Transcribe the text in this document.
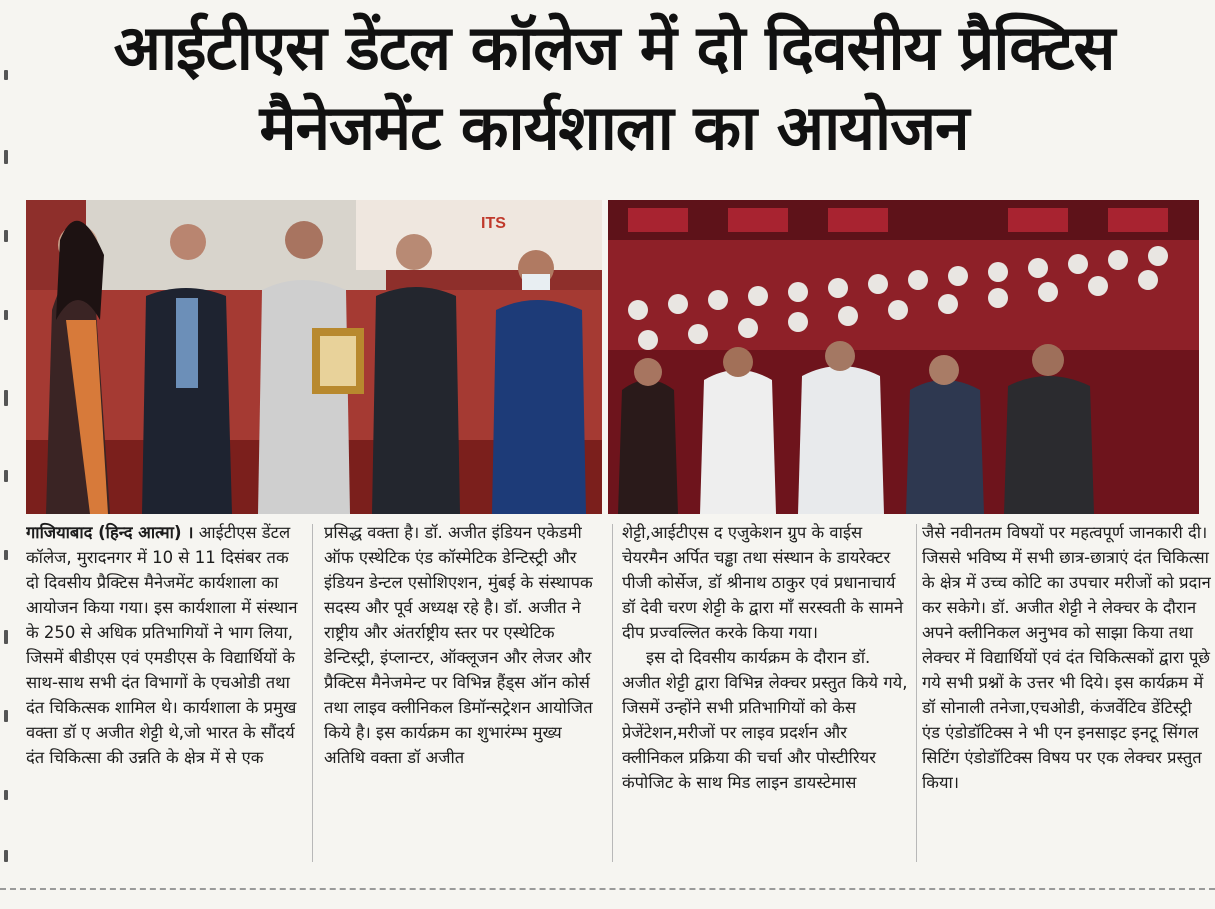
आईटीएस डेंटल कॉलेज में दो दिवसीय प्रैक्टिस
मैनेजमेंट कार्यशाला का आयोजन
ITS

गाजियाबाद (हिन्द आत्मा) । आईटीएस डेंटल कॉलेज, मुरादनगर में 10 से 11 दिसंबर तक दो दिवसीय प्रैक्टिस मैनेजमेंट कार्यशाला का आयोजन किया गया। इस कार्यशाला में संस्थान के 250 से अधिक प्रतिभागियों ने भाग लिया, जिसमें बीडीएस एवं एमडीएस के विद्यार्थियों के साथ-साथ सभी दंत विभागों के एचओडी तथा दंत चिकित्सक शामिल थे। कार्यशाला के प्रमुख वक्ता डॉ ए अजीत शेट्टी थे,जो भारत के सौंदर्य दंत चिकित्सा की उन्नति के क्षेत्र में से एक

प्रसिद्ध वक्ता है। डॉ. अजीत इंडियन एकेडमी ऑफ एस्थेटिक एंड कॉस्मेटिक डेन्टिस्ट्री और इंडियन डेन्टल एसोशिएशन, मुंबई के संस्थापक सदस्य और पूर्व अध्यक्ष रहे है। डॉ. अजीत ने राष्ट्रीय और अंतर्राष्ट्रीय स्तर पर एस्थेटिक डेन्टिस्ट्री, इंप्लान्टर, ऑक्लूजन और लेजर और प्रैक्टिस मैनेजमेन्ट पर विभिन्न हैंड्स ऑन कोर्स तथा लाइव क्लीनिकल डिमॉन्सट्रेशन आयोजित किये है। इस कार्यक्रम का शुभारंम्भ मुख्य अतिथि वक्ता डॉ अजीत

शेट्टी,आईटीएस द एजुकेशन ग्रुप के वाईस चेयरमैन अर्पित चड्ढा तथा संस्थान के डायरेक्टर पीजी कोर्सेज, डॉ श्रीनाथ ठाकुर एवं प्रधानाचार्य डॉ देवी चरण शेट्टी के द्वारा माँ सरस्वती के सामने दीप प्रज्वल्लित करके किया गया।

इस दो दिवसीय कार्यक्रम के दौरान डॉ. अजीत शेट्टी द्वारा विभिन्न लेक्चर प्रस्तुत किये गये, जिसमें उन्होंने सभी प्रतिभागियों को केस प्रेजेंटेशन,मरीजों पर लाइव प्रदर्शन और क्लीनिकल प्रक्रिया की चर्चा और पोस्टीरियर कंपोजिट के साथ मिड लाइन डायस्टेमास

जैसे नवीनतम विषयों पर महत्वपूर्ण जानकारी दी। जिससे भविष्य में सभी छात्र-छात्राएं दंत चिकित्सा के क्षेत्र में उच्च कोटि का उपचार मरीजों को प्रदान कर सकेगे। डॉ. अजीत शेट्टी ने लेक्चर के दौरान अपने क्लीनिकल अनुभव को साझा किया तथा लेक्चर में विद्यार्थियों एवं दंत चिकित्सकों द्वारा पूछे गये सभी प्रश्नों के उत्तर भी दिये। इस कार्यक्रम में डॉ सोनाली तनेजा,एचओडी, कंजर्वेटिव डेंटिस्ट्री एंड एंडोडॉटिक्स ने भी एन इनसाइट इनटू सिंगल सिटिंग एंडोडॉटिक्स विषय पर एक लेक्चर प्रस्तुत किया।
